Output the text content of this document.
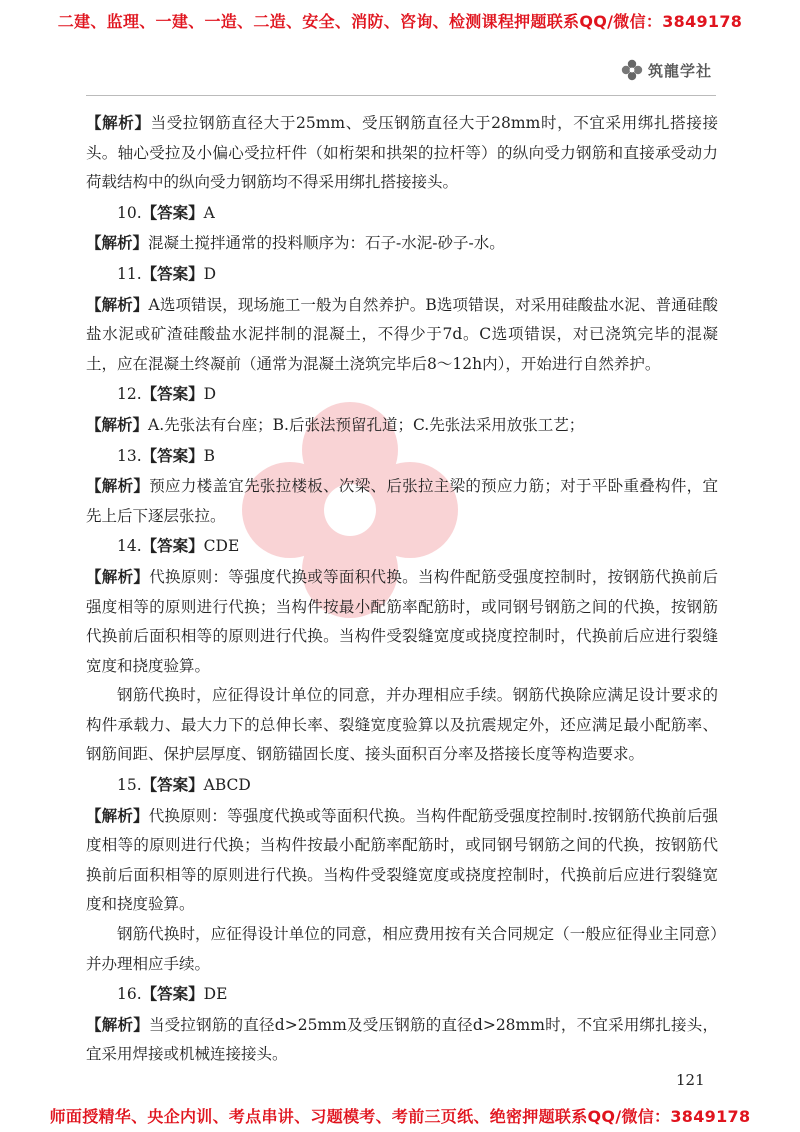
二建、监理、一建、一造、二造、安全、消防、咨询、检测课程押题联系QQ/微信：3849178
筑龍学社

【解析】当受拉钢筋直径大于25mm、受压钢筋直径大于28mm时，不宜采用绑扎搭接接头。轴心受拉及小偏心受拉杆件（如桁架和拱架的拉杆等）的纵向受力钢筋和直接承受动力荷载结构中的纵向受力钢筋均不得采用绑扎搭接接头。

10.【答案】A

【解析】混凝土搅拌通常的投料顺序为：石子-水泥-砂子-水。

11.【答案】D

【解析】A选项错误，现场施工一般为自然养护。B选项错误，对采用硅酸盐水泥、普通硅酸盐水泥或矿渣硅酸盐水泥拌制的混凝土，不得少于7d。C选项错误，对已浇筑完毕的混凝土，应在混凝土终凝前（通常为混凝土浇筑完毕后8～12h内），开始进行自然养护。

12.【答案】D

【解析】A.先张法有台座；B.后张法预留孔道；C.先张法采用放张工艺；

13.【答案】B

【解析】预应力楼盖宜先张拉楼板、次梁、后张拉主梁的预应力筋；对于平卧重叠构件，宜先上后下逐层张拉。

14.【答案】CDE

【解析】代换原则：等强度代换或等面积代换。当构件配筋受强度控制时，按钢筋代换前后强度相等的原则进行代换；当构件按最小配筋率配筋时，或同钢号钢筋之间的代换，按钢筋代换前后面积相等的原则进行代换。当构件受裂缝宽度或挠度控制时，代换前后应进行裂缝宽度和挠度验算。

钢筋代换时，应征得设计单位的同意，并办理相应手续。钢筋代换除应满足设计要求的构件承载力、最大力下的总伸长率、裂缝宽度验算以及抗震规定外，还应满足最小配筋率、钢筋间距、保护层厚度、钢筋锚固长度、接头面积百分率及搭接长度等构造要求。

15.【答案】ABCD

【解析】代换原则：等强度代换或等面积代换。当构件配筋受强度控制时.按钢筋代换前后强度相等的原则进行代换；当构件按最小配筋率配筋时，或同钢号钢筋之间的代换，按钢筋代换前后面积相等的原则进行代换。当构件受裂缝宽度或挠度控制时，代换前后应进行裂缝宽度和挠度验算。

钢筋代换时，应征得设计单位的同意，相应费用按有关合同规定（一般应征得业主同意）并办理相应手续。

16.【答案】DE

【解析】当受拉钢筋的直径d>25mm及受压钢筋的直径d>28mm时，不宜采用绑扎接头，宜采用焊接或机械连接接头。

121
师面授精华、央企内训、考点串讲、习题模考、考前三页纸、绝密押题联系QQ/微信：3849178
